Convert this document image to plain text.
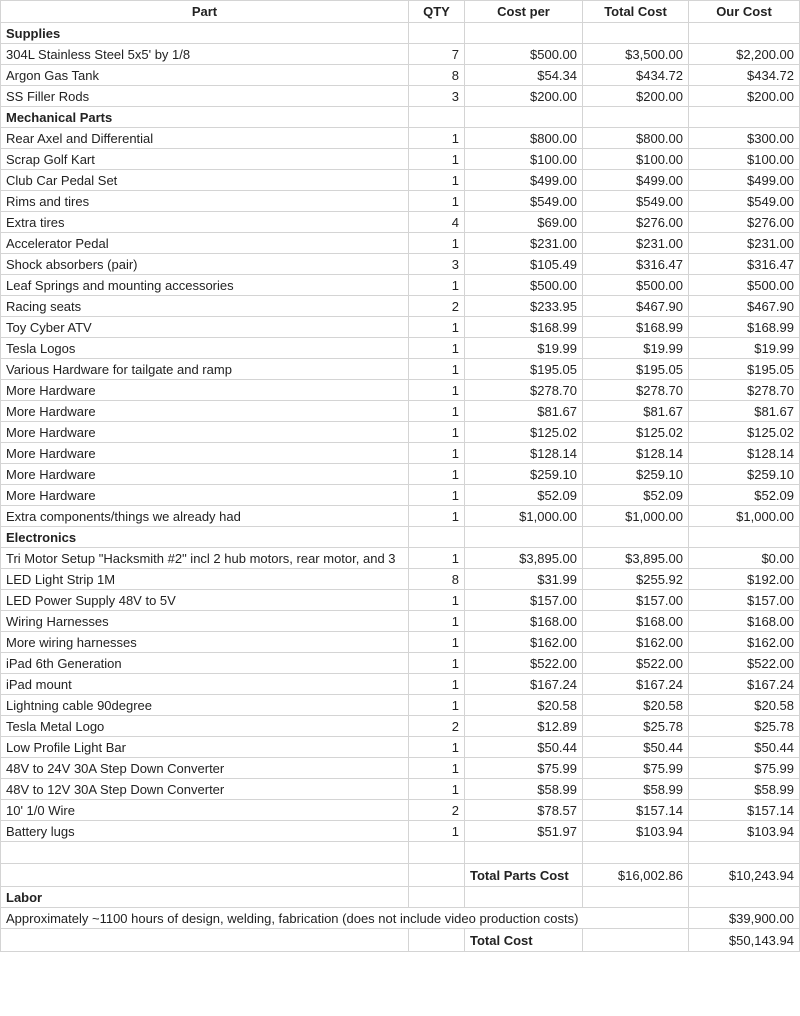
Part	QTY	Cost per	Total Cost	Our Cost
Supplies				
304L Stainless Steel 5x5' by 1/8	7	$500.00	$3,500.00	$2,200.00
Argon Gas Tank	8	$54.34	$434.72	$434.72
SS Filler Rods	3	$200.00	$200.00	$200.00
Mechanical Parts				
Rear Axel and Differential	1	$800.00	$800.00	$300.00
Scrap Golf Kart	1	$100.00	$100.00	$100.00
Club Car Pedal Set	1	$499.00	$499.00	$499.00
Rims and tires	1	$549.00	$549.00	$549.00
Extra tires	4	$69.00	$276.00	$276.00
Accelerator Pedal	1	$231.00	$231.00	$231.00
Shock absorbers (pair)	3	$105.49	$316.47	$316.47
Leaf Springs and mounting accessories	1	$500.00	$500.00	$500.00
Racing seats	2	$233.95	$467.90	$467.90
Toy Cyber ATV	1	$168.99	$168.99	$168.99
Tesla Logos	1	$19.99	$19.99	$19.99
Various Hardware for tailgate and ramp	1	$195.05	$195.05	$195.05
More Hardware	1	$278.70	$278.70	$278.70
More Hardware	1	$81.67	$81.67	$81.67
More Hardware	1	$125.02	$125.02	$125.02
More Hardware	1	$128.14	$128.14	$128.14
More Hardware	1	$259.10	$259.10	$259.10
More Hardware	1	$52.09	$52.09	$52.09
Extra components/things we already had	1	$1,000.00	$1,000.00	$1,000.00
Electronics				
Tri Motor Setup "Hacksmith #2" incl 2 hub motors, rear motor, and 3	1	$3,895.00	$3,895.00	$0.00
LED Light Strip 1M	8	$31.99	$255.92	$192.00
LED Power Supply 48V to 5V	1	$157.00	$157.00	$157.00
Wiring Harnesses	1	$168.00	$168.00	$168.00
More wiring harnesses	1	$162.00	$162.00	$162.00
iPad 6th Generation	1	$522.00	$522.00	$522.00
iPad mount	1	$167.24	$167.24	$167.24
Lightning cable 90degree	1	$20.58	$20.58	$20.58
Tesla Metal Logo	2	$12.89	$25.78	$25.78
Low Profile Light Bar	1	$50.44	$50.44	$50.44
48V to 24V 30A Step Down Converter	1	$75.99	$75.99	$75.99
48V to 12V 30A Step Down Converter	1	$58.99	$58.99	$58.99
10' 1/0 Wire	2	$78.57	$157.14	$157.14
Battery lugs	1	$51.97	$103.94	$103.94

		Total Parts Cost	$16,002.86	$10,243.94
Labor				
Approximately ~1100 hours of design, welding, fabrication (does not include video production costs)				$39,900.00
		Total Cost		$50,143.94
